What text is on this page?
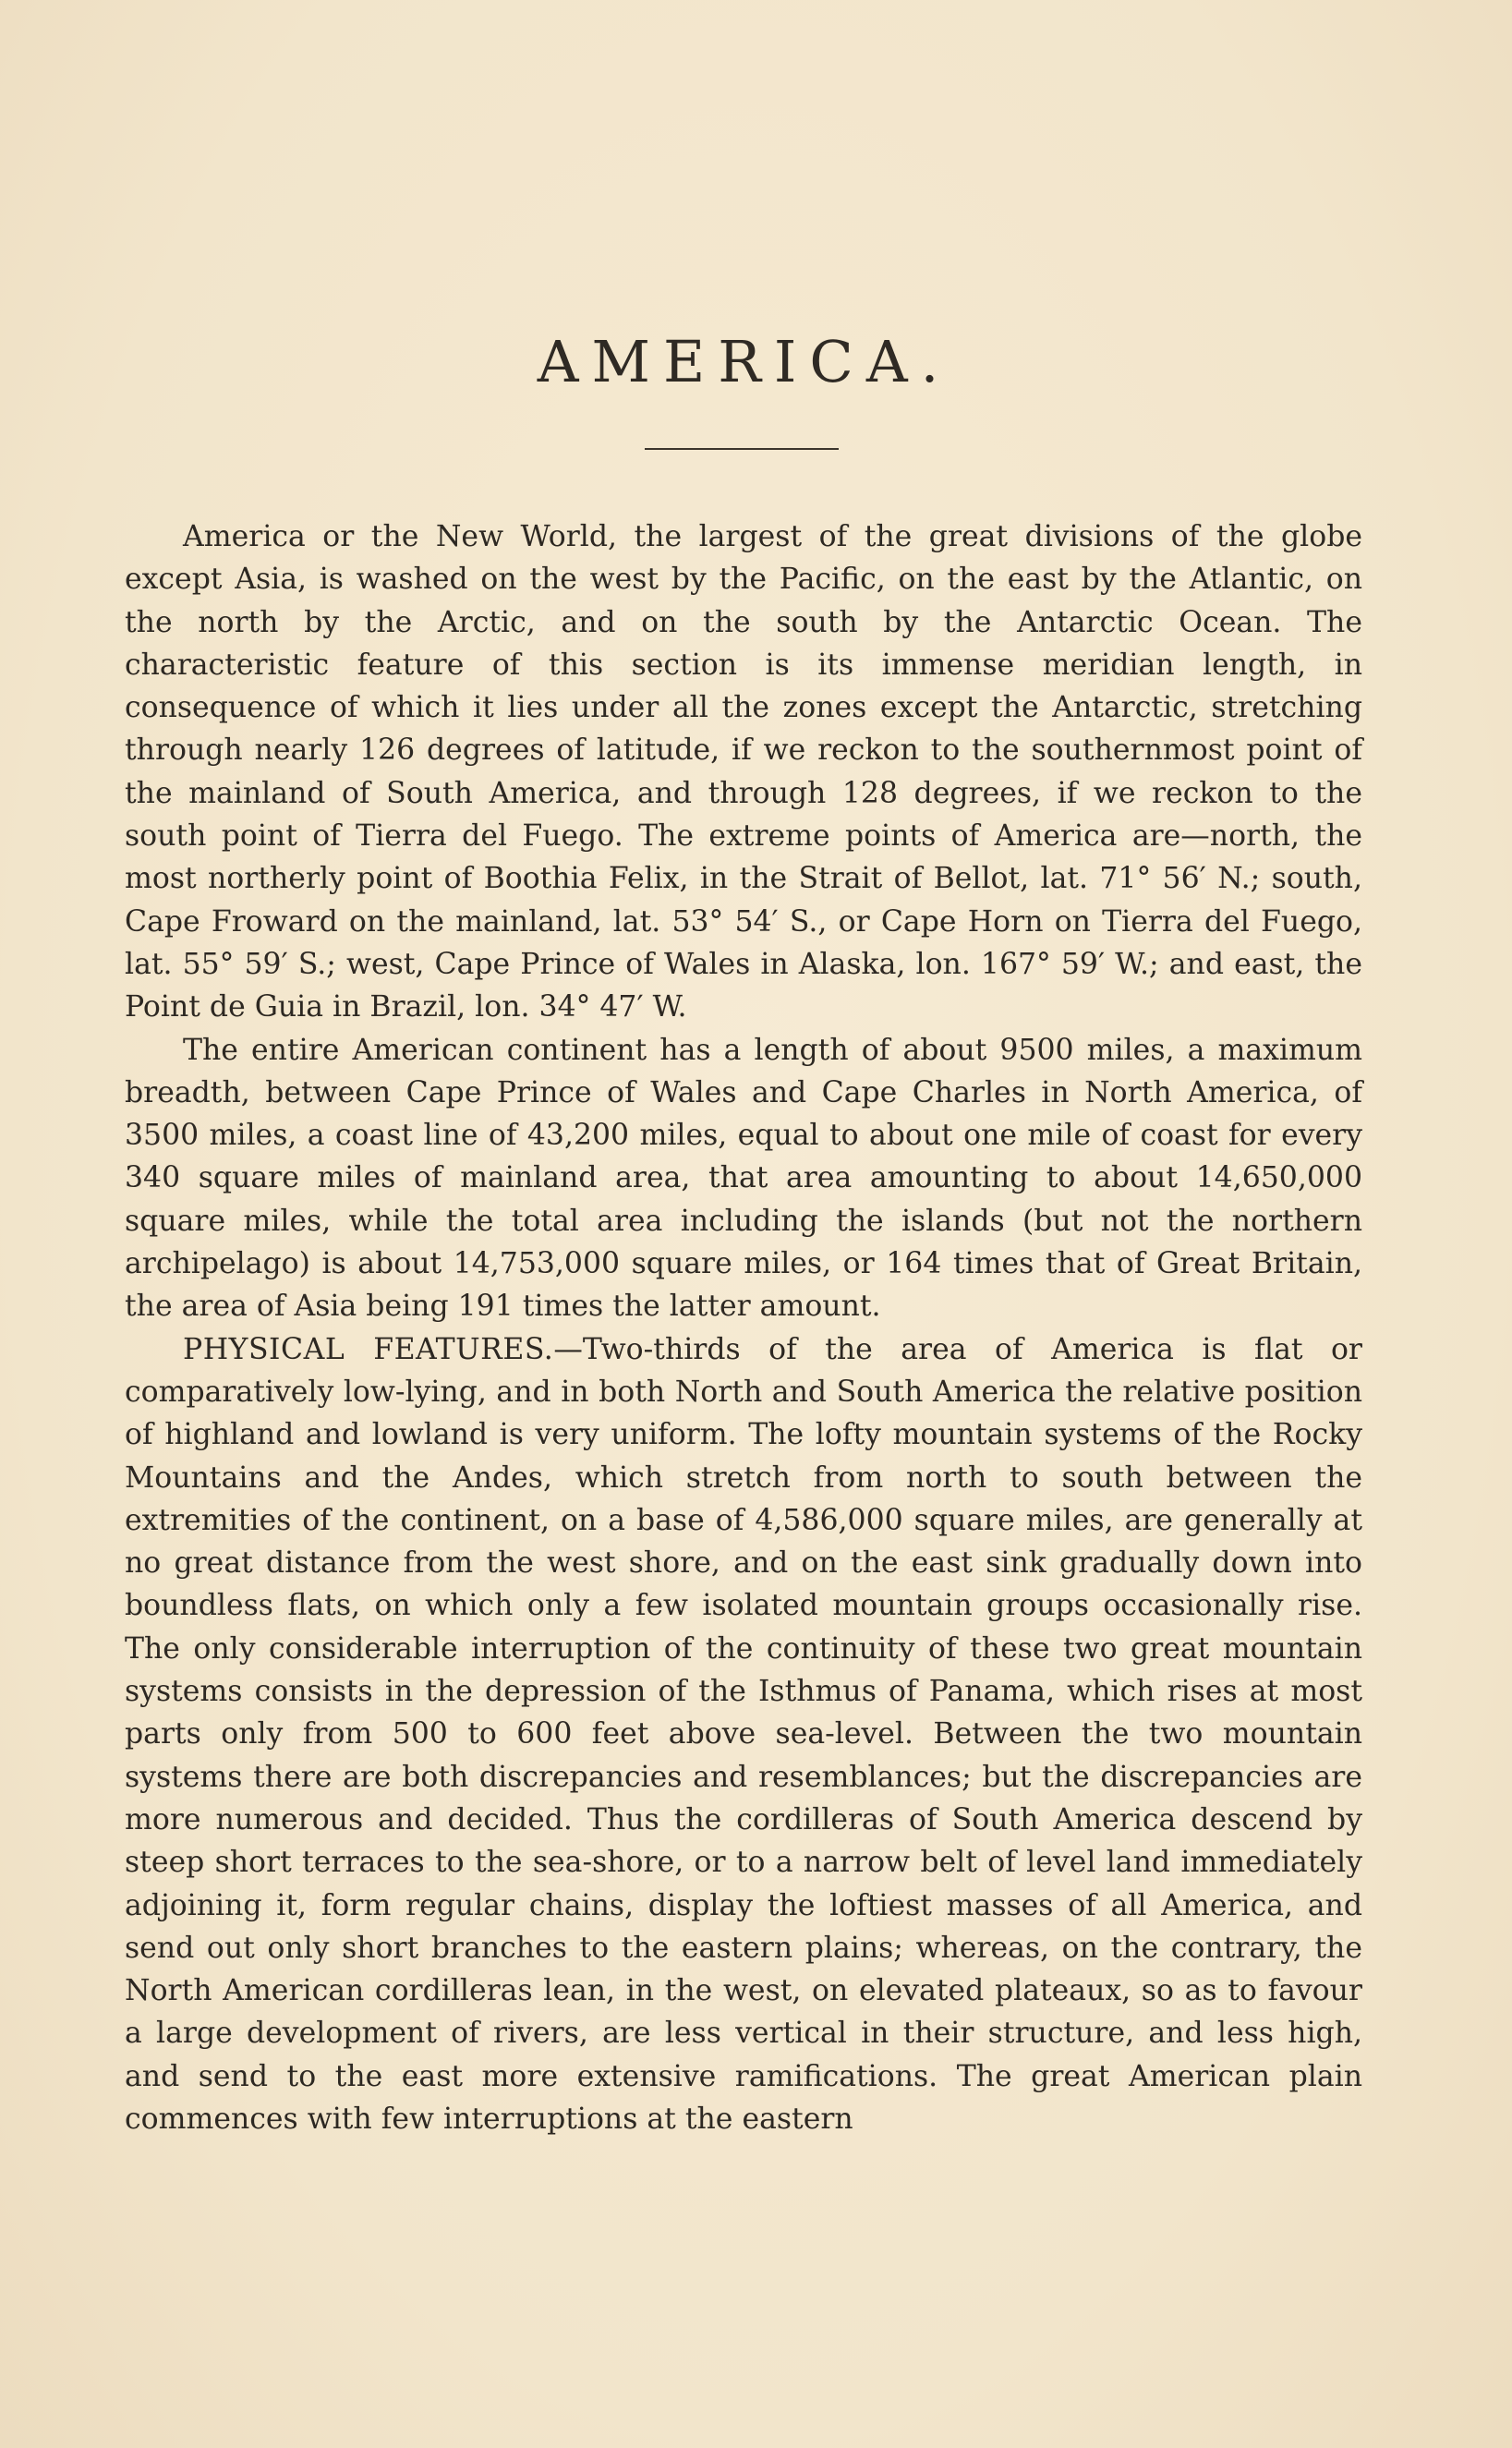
AMERICA.

America or the New World, the largest of the great divisions of the globe except Asia, is washed on the west by the Pacific, on the east by the Atlantic, on the north by the Arctic, and on the south by the Antarctic Ocean. The characteristic feature of this section is its immense meridian length, in consequence of which it lies under all the zones except the Antarctic, stretching through nearly 126 degrees of latitude, if we reckon to the southernmost point of the mainland of South America, and through 128 degrees, if we reckon to the south point of Tierra del Fuego. The extreme points of America are—north, the most northerly point of Boothia Felix, in the Strait of Bellot, lat. 71° 56′ N.; south, Cape Froward on the mainland, lat. 53° 54′ S., or Cape Horn on Tierra del Fuego, lat. 55° 59′ S.; west, Cape Prince of Wales in Alaska, lon. 167° 59′ W.; and east, the Point de Guia in Brazil, lon. 34° 47′ W.

The entire American continent has a length of about 9500 miles, a maximum breadth, between Cape Prince of Wales and Cape Charles in North America, of 3500 miles, a coast line of 43,200 miles, equal to about one mile of coast for every 340 square miles of mainland area, that area amounting to about 14,650,000 square miles, while the total area including the islands (but not the northern archipelago) is about 14,753,000 square miles, or 164 times that of Great Britain, the area of Asia being 191 times the latter amount.

PHYSICAL FEATURES.—Two-thirds of the area of America is flat or comparatively low-lying, and in both North and South America the relative position of highland and lowland is very uniform. The lofty mountain systems of the Rocky Mountains and the Andes, which stretch from north to south between the extremities of the continent, on a base of 4,586,000 square miles, are generally at no great distance from the west shore, and on the east sink gradually down into boundless flats, on which only a few isolated mountain groups occasionally rise. The only considerable interruption of the continuity of these two great mountain systems consists in the depression of the Isthmus of Panama, which rises at most parts only from 500 to 600 feet above sea-level. Between the two mountain systems there are both discrepancies and resemblances; but the discrepancies are more numerous and decided. Thus the cordilleras of South America descend by steep short terraces to the sea-shore, or to a narrow belt of level land immediately adjoining it, form regular chains, display the loftiest masses of all America, and send out only short branches to the eastern plains; whereas, on the contrary, the North American cordilleras lean, in the west, on elevated plateaux, so as to favour a large development of rivers, are less vertical in their structure, and less high, and send to the east more extensive ramifications. The great American plain commences with few interruptions at the eastern
